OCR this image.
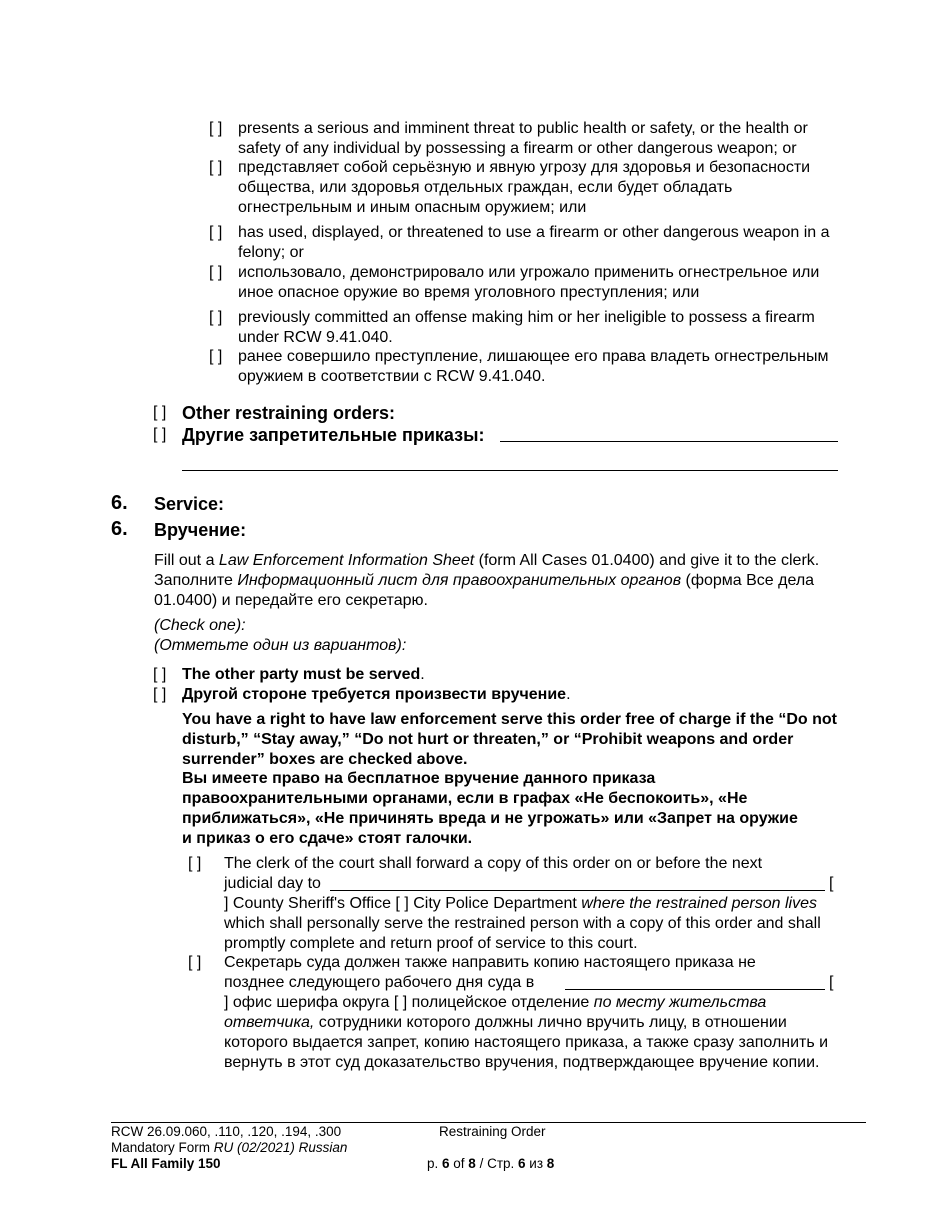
[ ] presents a serious and imminent threat to public health or safety, or the health or safety of any individual by possessing a firearm or other dangerous weapon; or
[ ] представляет собой серьёзную и явную угрозу для здоровья и безопасности общества, или здоровья отдельных граждан, если будет обладать огнестрельным и иным опасным оружием; или
[ ] has used, displayed, or threatened to use a firearm or other dangerous weapon in a felony; or
[ ] использовало, демонстрировало или угрожало применить огнестрельное или иное опасное оружие во время уголовного преступления; или
[ ] previously committed an offense making him or her ineligible to possess a firearm under RCW 9.41.040.
[ ] ранее совершило преступление, лишающее его права владеть огнестрельным оружием в соответствии с RCW 9.41.040.
[ ] Other restraining orders:
[ ] Другие запретительные приказы:
6. Service:
6. Вручение:
Fill out a Law Enforcement Information Sheet (form All Cases 01.0400) and give it to the clerk.
Заполните Информационный лист для правоохранительных органов (форма Все дела 01.0400) и передайте его секретарю.
(Check one):
(Отметьте один из вариантов):
[ ] The other party must be served.
[ ] Другой стороне требуется произвести вручение.
You have a right to have law enforcement serve this order free of charge if the “Do not disturb,” “Stay away,” “Do not hurt or threaten,” or “Prohibit weapons and order surrender” boxes are checked above.
Вы имеете право на бесплатное вручение данного приказа правоохранительными органами, если в графах «Не беспокоить», «Не приближаться», «Не причинять вреда и не угрожать» или «Запрет на оружие и приказ о его сдаче» стоят галочки.
[ ] The clerk of the court shall forward a copy of this order on or before the next judicial day to	[
] County Sheriff's Office [ ] City Police Department where the restrained person lives which shall personally serve the restrained person with a copy of this order and shall promptly complete and return proof of service to this court.
[ ] Секретарь суда должен также направить копию настоящего приказа не позднее следующего рабочего дня суда в	[
] офис шерифа округа [ ] полицейское отделение по месту жительства ответчика, сотрудники которого должны лично вручить лицу, в отношении которого выдается запрет, копию настоящего приказа, а также сразу заполнить и вернуть в этот суд доказательство вручения, подтверждающее вручение копии.
RCW 26.09.060, .110, .120, .194, .300
Mandatory Form RU (02/2021) Russian
FL All Family 150
Restraining Order
p. 6 of 8 / Стр. 6 из 8
